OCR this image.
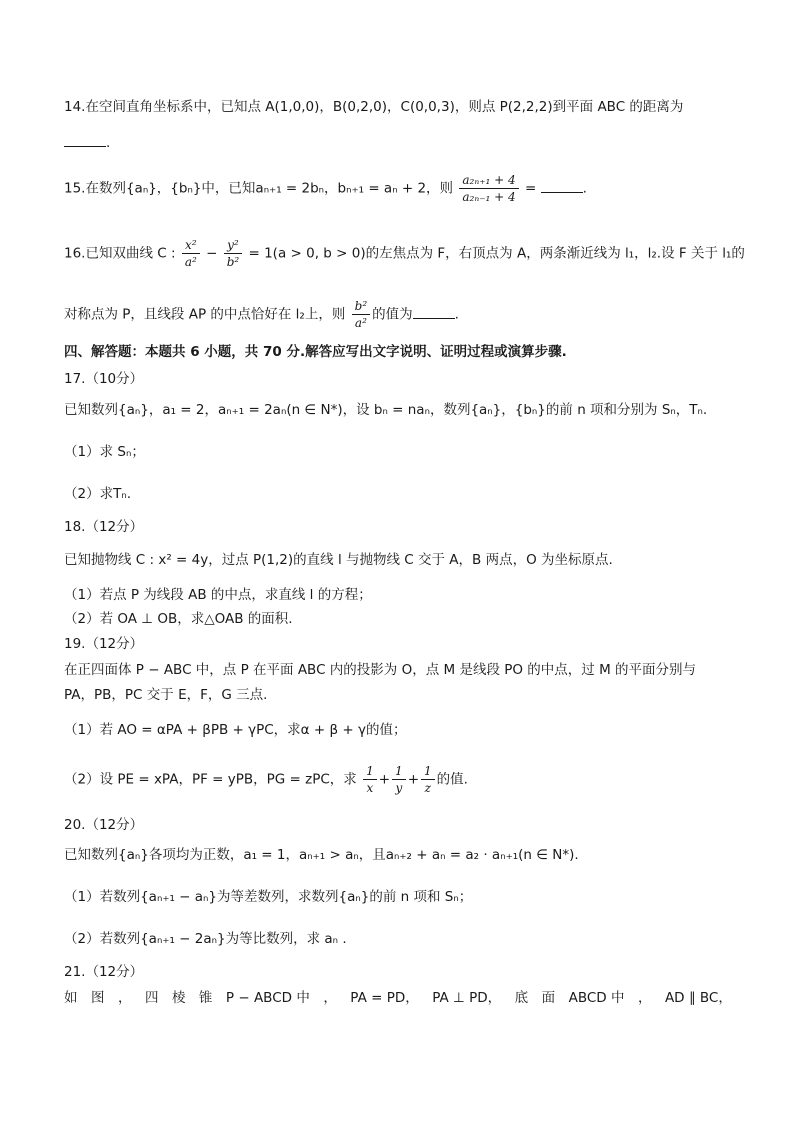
14.在空间直角坐标系中，已知点 A(1,0,0)，B(0,2,0)，C(0,0,3)，则点 P(2,2,2)到平面 ABC 的距离为
.
15.在数列{aₙ}，{bₙ}中，已知aₙ₊₁ = 2bₙ，bₙ₊₁ = aₙ + 2，则 $\frac{\text{a₂ₙ₊₁ + 4}}{\text{a₂ₙ₋₁ + 4}}$ =	.
16.已知双曲线 C : $\frac{\text{x²}}{\text{a²}} - \frac{\text{y²}}{\text{b²}} = 1(a > 0$, b > 0)的左焦点为 F，右顶点为 A，两条渐近线为 l₁，l₂.设 F 关于 l₁的
对称点为 P，且线段 AP 的中点恰好在 l₂上，则 $\frac{\text{b²}}{\text{a²}}$ 的值为	.
四、解答题：本题共 6 小题，共 70 分.解答应写出文字说明、证明过程或演算步骤.
17.（10分）
已知数列{aₙ}，a₁ = 2，aₙ₊₁ = 2aₙ(n ∈ N*)，设 bₙ = naₙ，数列{aₙ}，{bₙ}的前 n 项和分别为 Sₙ，Tₙ.
（1）求 Sₙ；
（2）求Tₙ.
18.（12分）
已知抛物线 C : x² = 4y，过点 P(1,2)的直线 l 与抛物线 C 交于 A，B 两点，O 为坐标原点.
（1）若点 P 为线段 AB 的中点，求直线 l 的方程；
（2）若 OA ⊥ OB，求△OAB 的面积.
19.（12分）
在正四面体 P − ABC 中，点 P 在平面 ABC 内的投影为 O，点 M 是线段 PO 的中点，过 M 的平面分别与
PA，PB，PC 交于 E，F，G 三点.
（1）若 AO = αPA + βPB + γPC，求α + β + γ的值；
（2）设 PE = xPA，PF = yPB，PG = zPC，求 $\frac{1}{x} + \frac{1}{y} + \frac{1}{z}$ 的值.
20.（12分）
已知数列{aₙ}各项均为正数，a₁ = 1，aₙ₊₁ > aₙ，且aₙ₊₂ + aₙ = a₂ · aₙ₊₁(n ∈ N*).
（1）若数列{aₙ₊₁ − aₙ}为等差数列，求数列{aₙ}的前 n 项和 Sₙ；
（2）若数列{aₙ₊₁ − 2aₙ}为等比数列，求 aₙ .
21.（12分）
如 图 ， 四 棱 锥 P − ABCD 中 ， PA = PD， PA ⊥ PD， 底 面 ABCD 中 ， AD ∥ BC，
